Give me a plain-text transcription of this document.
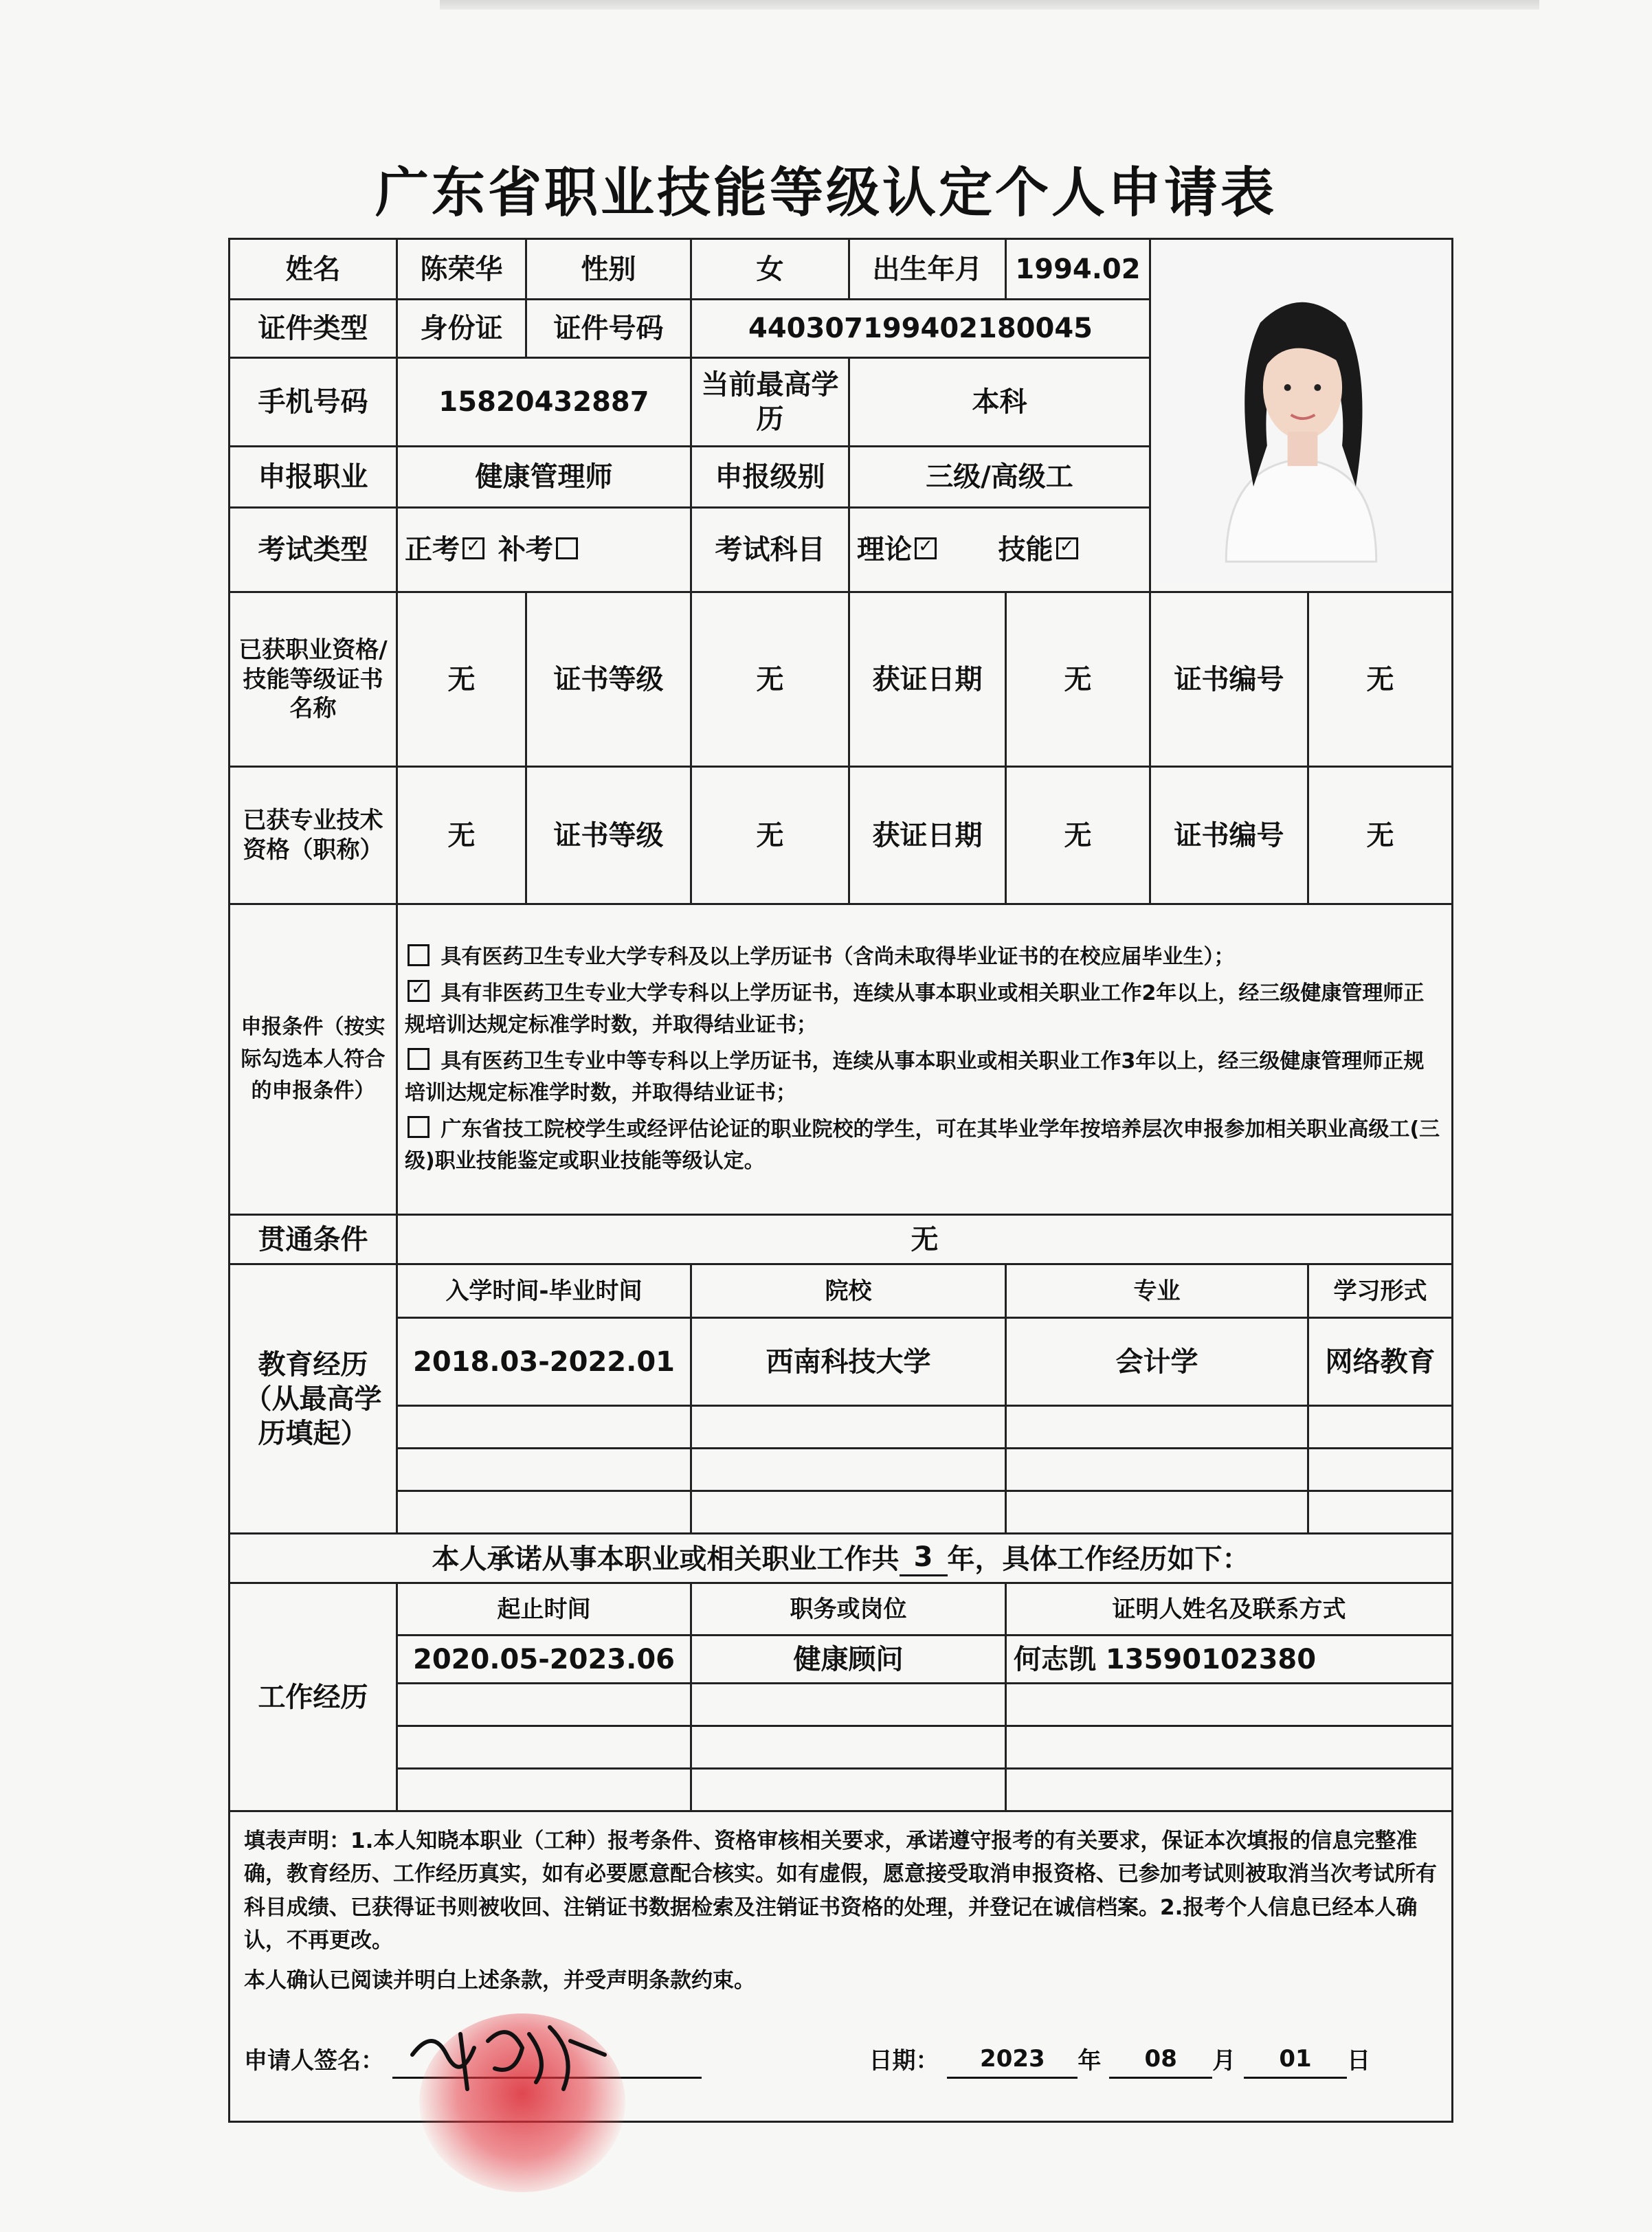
广东省职业技能等级认定个人申请表
姓名	陈荣华	性别	女	出生年月	1994.02	
证件类型	身份证	证件号码	440307199402180045				
手机号码	15820432887		当前最高学历	本科			
申报职业	健康管理师		申报级别	三级/高级工			
考试类型	正考 ✓ 补考		考试科目	理论 ✓ 技能 ✓			
已获职业资格/技能等级证书名称	无	证书等级	无	获证日期	无	证书编号	无
已获专业技术资格（职称）	无	证书等级	无	获证日期	无	证书编号	无
申报条件（按实际勾选本人符合的申报条件）	具有医药卫生专业大学专科及以上学历证书（含尚未取得毕业证书的在校应届毕业生）；
✓ 具有非医药卫生专业大学专科以上学历证书，连续从事本职业或相关职业工作2年以上，经三级健康管理师正规培训达规定标准学时数，并取得结业证书；
具有医药卫生专业中等专科以上学历证书，连续从事本职业或相关职业工作3年以上，经三级健康管理师正规培训达规定标准学时数，并取得结业证书；
广东省技工院校学生或经评估论证的职业院校的学生，可在其毕业学年按培养层次申报参加相关职业高级工(三级)职业技能鉴定或职业技能等级认定。						

贯通条件	无						
教育经历（从最高学历填起）	入学时间-毕业时间		院校		专业		学习形式
	2018.03-2022.01		西南科技大学		会计学		网络教育

本人承诺从事本职业或相关职业工作共 3 年，具体工作经历如下：							
工作经历	起止时间		职务或岗位		证明人姓名及联系方式		
	2020.05-2023.06		健康顾问		何志凯 13590102380		

填表声明：1.本人知晓本职业（工种）报考条件、资格审核相关要求，承诺遵守报考的有关要求，保证本次填报的信息完整准确，教育经历、工作经历真实，如有必要愿意配合核实。如有虚假，愿意接受取消申报资格、已参加考试则被取消当次考试所有科目成绩、已获得证书则被收回、注销证书数据检索及注销证书资格的处理，并登记在诚信档案。2.报考个人信息已经本人确认，不再更改。
本人确认已阅读并明白上述条款，并受声明条款约束。
申请人签名： 日期： 2023 年 08 月 01 日							
